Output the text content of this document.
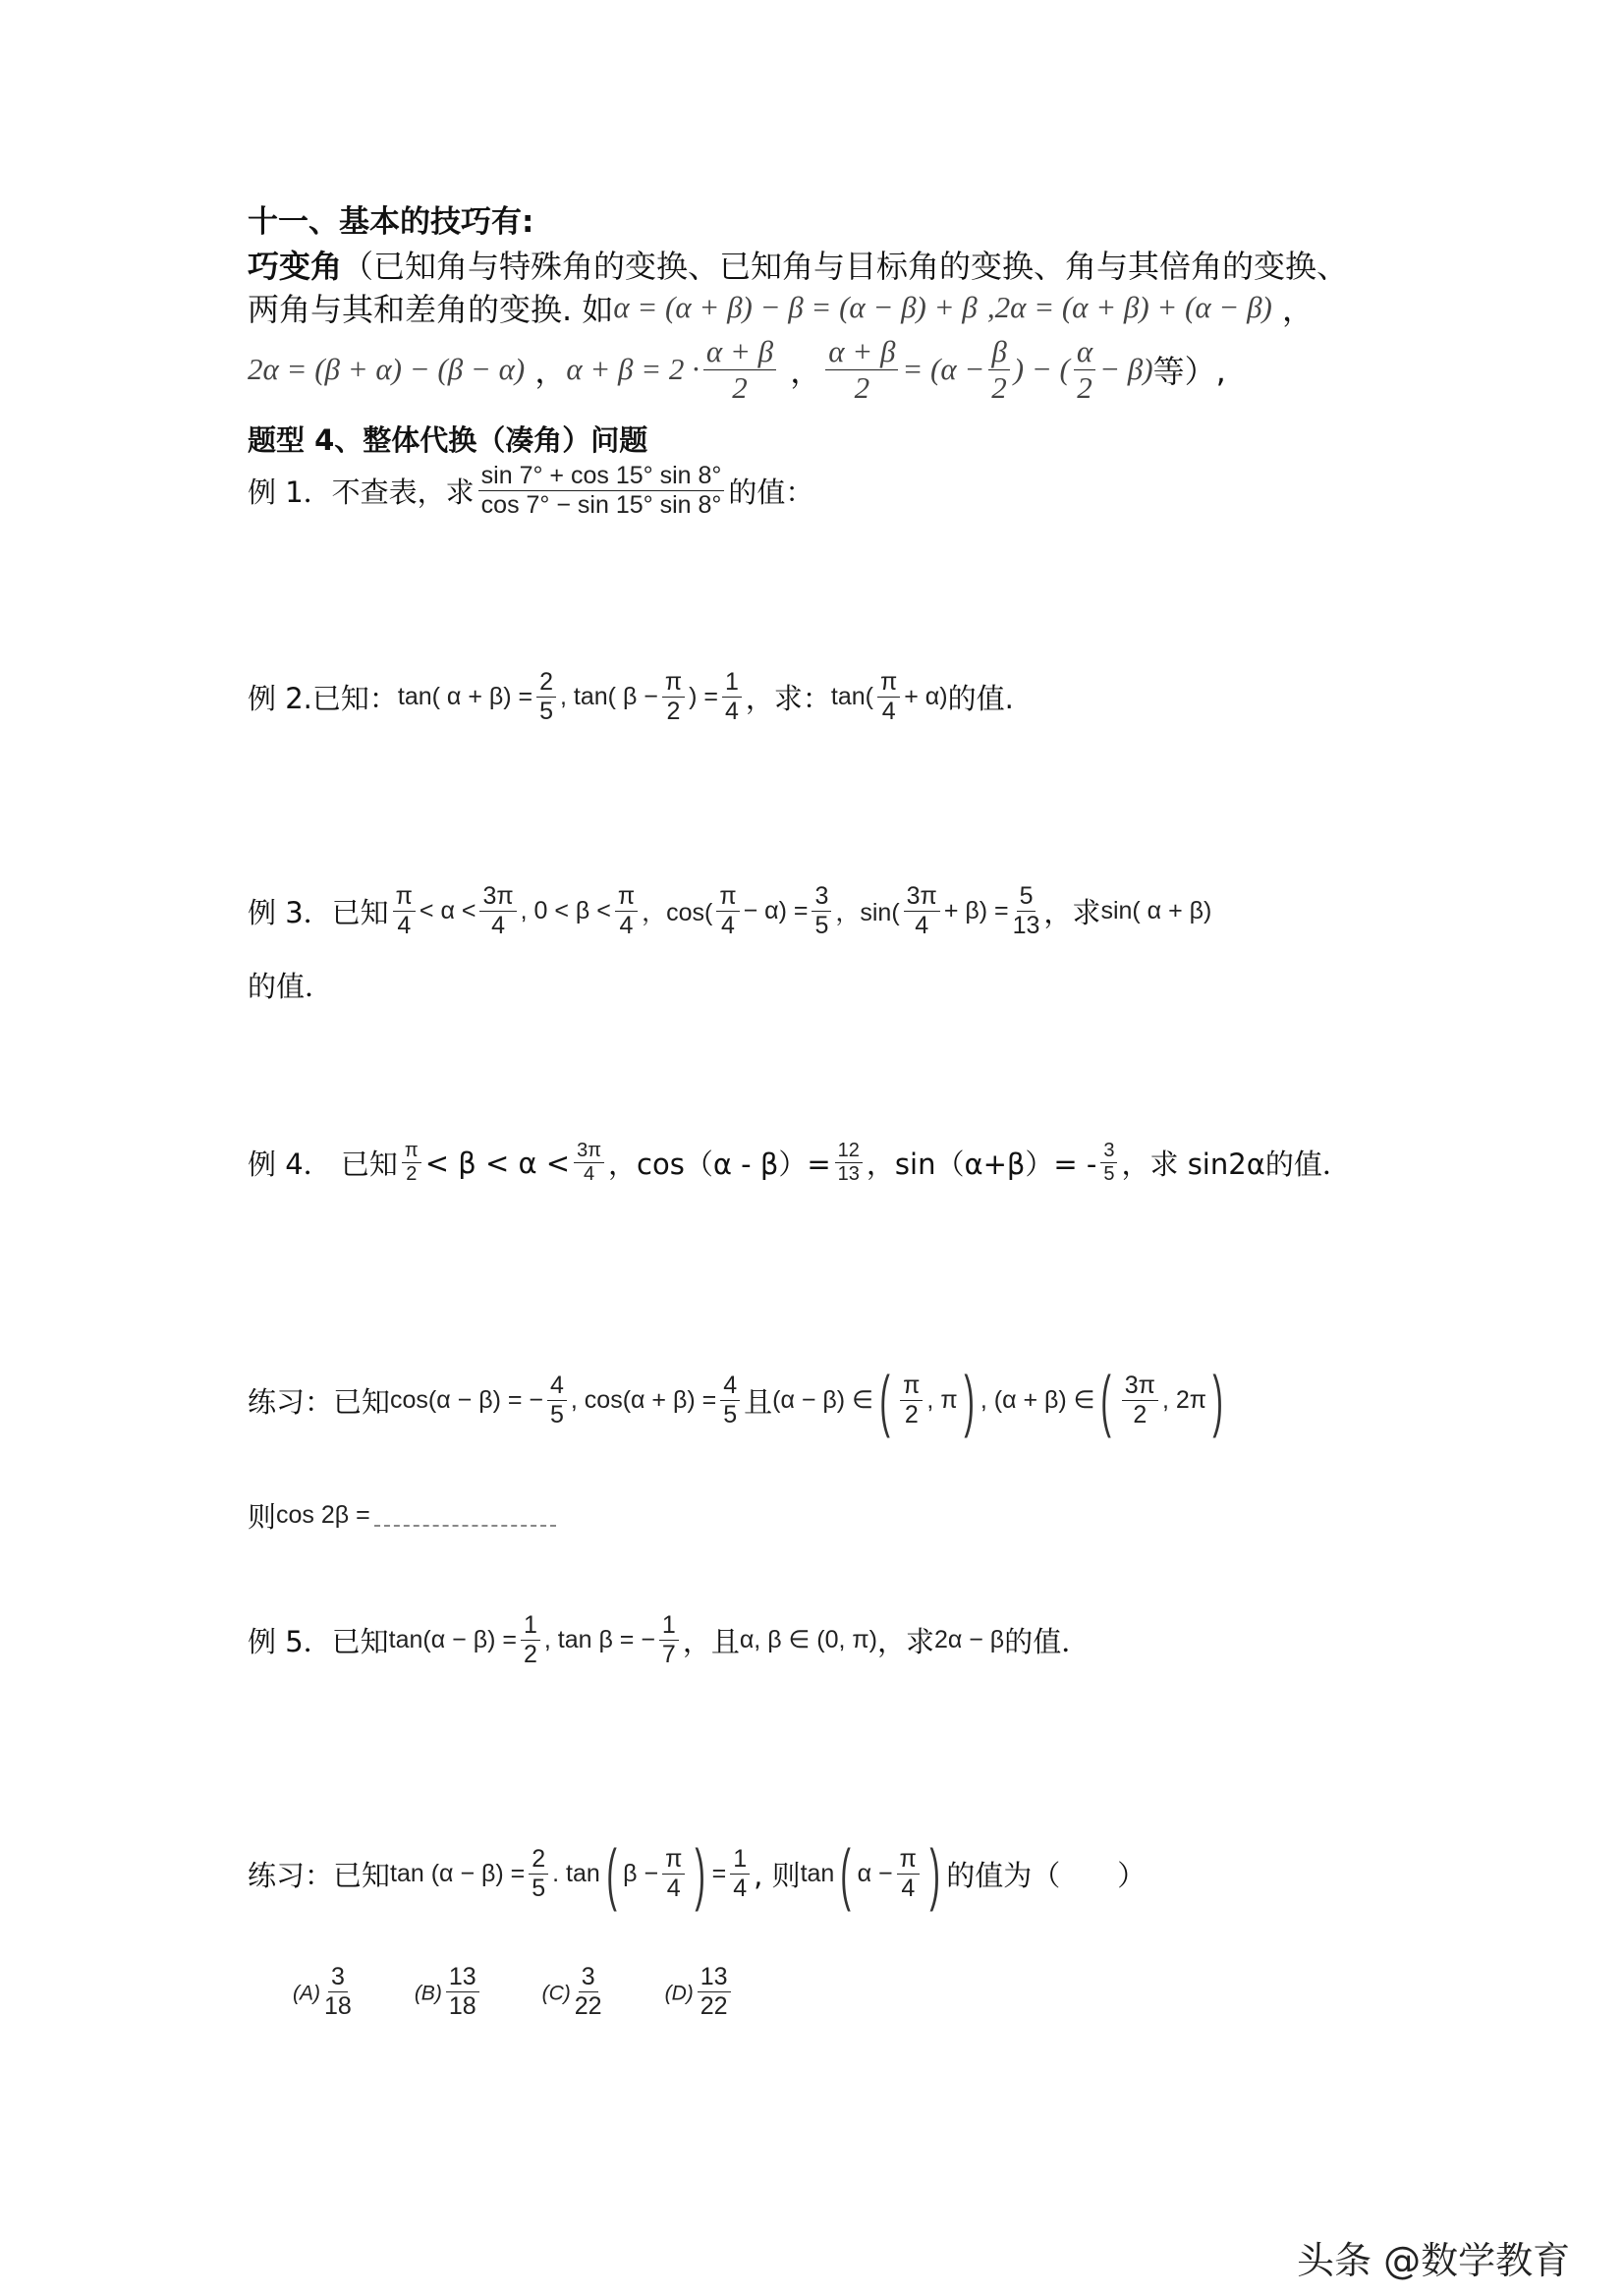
十一、基本的技巧有:
巧变角 （已知角与特殊角的变换、已知角与目标角的变换、角与其倍角的变换、
两角与其和差角的变换. 如 α = (α + β) − β = (α − β) + β
,2α = (α + β) + (α − β)
，
2α = (β + α) − (β − α)
， α + β = 2 ·
α + β
2
， $\frac{\alpha + \beta}{2} = (\alpha - \frac{\beta}{2}$ ) − (
α
2
− β) 等）,
题型 4、整体代换（凑角）问题
例 1．不查表，求 sin 7° + cos 15° sin 8°
cos 7° − sin 15° sin 8° 的值：
例 2.已知： tan( $\alpha + \beta) = \frac{2}{5}$ , tan( $\beta - \frac{\pi}{2}$ ) = $\frac{1}{4}$ ，求： tan(
π
4
+ α) 的值.
例 3．已知 π
4
< α <
3π
4
, 0 < β <
π
4 ，cos(
π
4
− $\alpha) = \frac{3}{5}$ ，sin(
3π
4
+ $\beta) = \frac{5}{13}$ ，求 sin( α + β)
的值．
例 4． 已知 π
2 < β < α < 3π
4 ，$\cos(\alpha - \beta)= \frac{12}{13}$ ，sin（α+β）= - 3
5 ，求 sin2α的值．
练习：已知 cos(α − β) = − $\frac{4}{5}$ , $\cos(\alpha + \beta) = \frac{4}{5}$ 且 (α − β) ∈ ( π
2
, π ) , (α + β) ∈ ( 3π
2
, 2π )
则 cos 2β =
例 5．已知 $\tan(\alpha - \beta) = \frac{1}{2}$ , tan β = − $\frac{1}{7}$ ，且 α, β ∈ (0, π) ，求 2α − β 的值．
练习：已知 $\tan (\alpha - \beta) = \frac{2}{5}$ . tan ( $\beta - \frac{\pi}{4}$ ) = $\frac{1}{4}$ , 则 tan ( $\alpha - \frac{\pi}{4}$ ) 的值为（　　）
$(A) \frac{3}{18}$	$(B) \frac{13}{18}$	$(C) \frac{3}{22}$	$(D) \frac{13}{22}$
头条 @数学教育
